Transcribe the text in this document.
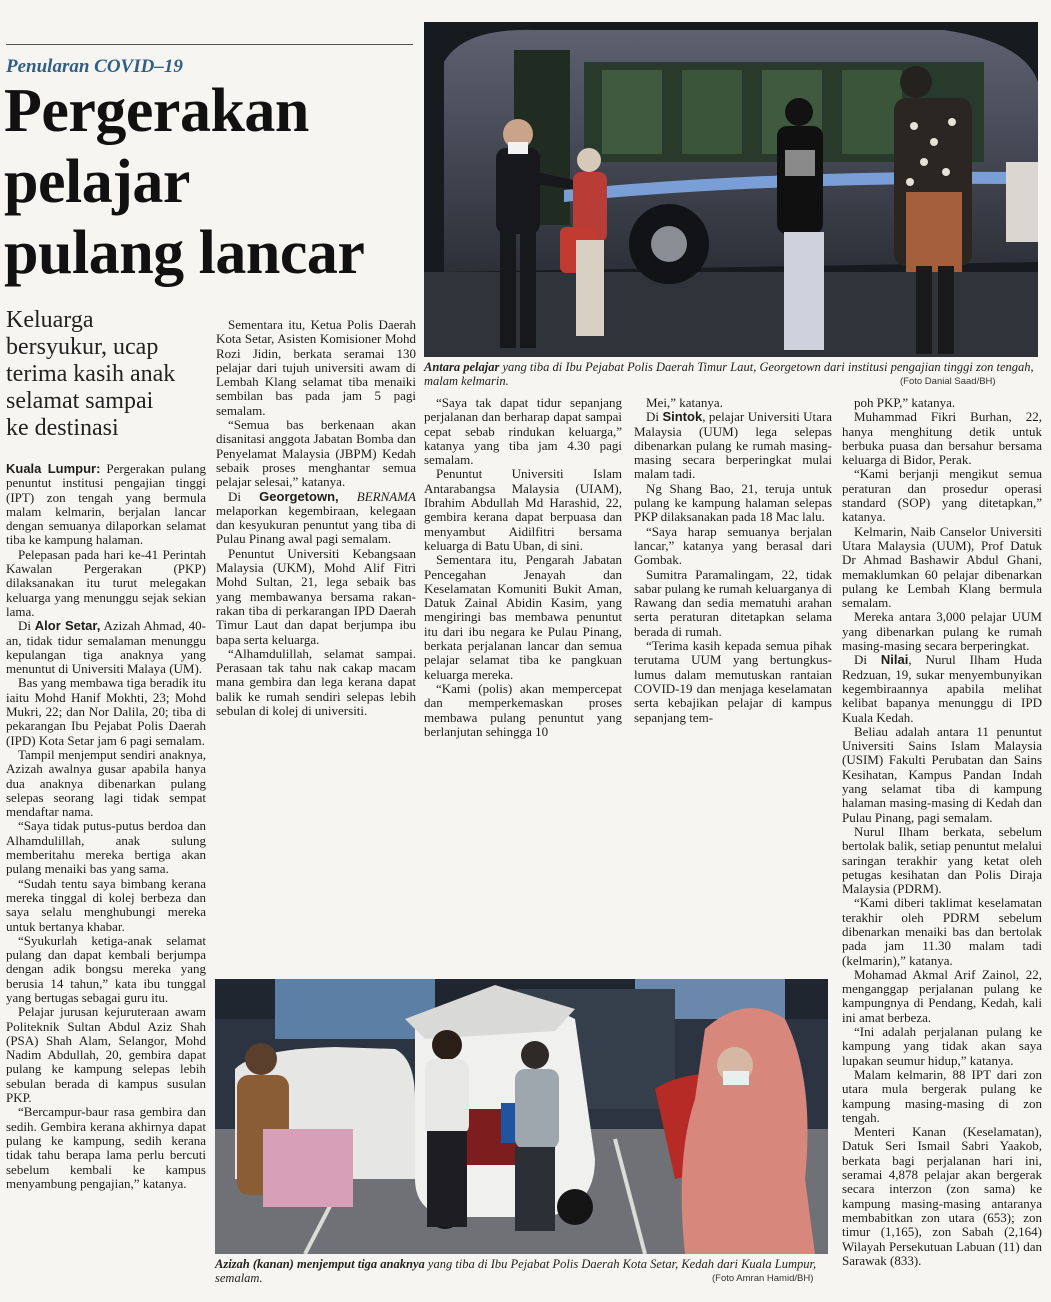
Penularan COVID–19
Pergerakan
pelajar
pulang lancar
Keluarga
bersyukur, ucap
terima kasih anak
selamat sampai
ke destinasi
Antara pelajar yang tiba di Ibu Pejabat Polis Daerah Timur Laut, Georgetown dari institusi pengajian tinggi zon tengah, malam kelmarin.	(Foto Danial Saad/BH)

Kuala Lumpur: Pergerakan pulang penuntut institusi pengajian tinggi (IPT) zon tengah yang bermula malam kelmarin, berjalan lancar dengan semuanya dilaporkan selamat tiba ke kampung halaman.

Pelepasan pada hari ke-41 Perintah Kawalan Pergerakan (PKP) dilaksanakan itu turut melegakan keluarga yang menunggu sejak sekian lama.

Di Alor Setar, Azizah Ahmad, 40-an, tidak tidur semalaman menunggu kepulangan tiga anaknya yang menuntut di Universiti Malaya (UM).

Bas yang membawa tiga beradik itu iaitu Mohd Hanif Mokhti, 23; Mohd Mukri, 22; dan Nor Dalila, 20; tiba di pekarangan Ibu Pejabat Polis Daerah (IPD) Kota Setar jam 6 pagi semalam.

Tampil menjemput sendiri anaknya, Azizah awalnya gusar apabila hanya dua anaknya dibenarkan pulang selepas seorang lagi tidak sempat mendaftar nama.

“Saya tidak putus-putus berdoa dan Alhamdulillah, anak sulung memberitahu mereka bertiga akan pulang menaiki bas yang sama.

“Sudah tentu saya bimbang kerana mereka tinggal di kolej berbeza dan saya selalu menghubungi mereka untuk bertanya khabar.

“Syukurlah ketiga-anak selamat pulang dan dapat kembali berjumpa dengan adik bongsu mereka yang berusia 14 tahun,” kata ibu tunggal yang bertugas sebagai guru itu.

Pelajar jurusan kejuruteraan awam Politeknik Sultan Abdul Aziz Shah (PSA) Shah Alam, Selangor, Mohd Nadim Abdullah, 20, gembira dapat pulang ke kampung selepas lebih sebulan berada di kampus susulan PKP.

“Bercampur-baur rasa gembira dan sedih. Gembira kerana akhirnya dapat pulang ke kampung, sedih kerana tidak tahu berapa lama perlu bercuti sebelum kembali ke kampus menyambung pengajian,” katanya.

Sementara itu, Ketua Polis Daerah Kota Setar, Asisten Komisioner Mohd Rozi Jidin, berkata seramai 130 pelajar dari tujuh universiti awam di Lembah Klang selamat tiba menaiki sembilan bas pada jam 5 pagi semalam.

“Semua bas berkenaan akan disanitasi anggota Jabatan Bomba dan Penyelamat Malaysia (JBPM) Kedah sebaik proses menghantar semua pelajar selesai,” katanya.

Di Georgetown, BERNAMA melaporkan kegembiraan, kelegaan dan kesyukuran penuntut yang tiba di Pulau Pinang awal pagi semalam.

Penuntut Universiti Kebangsaan Malaysia (UKM), Mohd Alif Fitri Mohd Sultan, 21, lega sebaik bas yang membawanya bersama rakan-rakan tiba di perkarangan IPD Daerah Timur Laut dan dapat berjumpa ibu bapa serta keluarga.

“Alhamdulillah, selamat sampai. Perasaan tak tahu nak cakap macam mana gembira dan lega kerana dapat balik ke rumah sendiri selepas lebih sebulan di kolej di universiti.

“Saya tak dapat tidur sepanjang perjalanan dan berharap dapat sampai cepat sebab rindukan keluarga,” katanya yang tiba jam 4.30 pagi semalam.

Penuntut Universiti Islam Antarabangsa Malaysia (UIAM), Ibrahim Abdullah Md Harashid, 22, gembira kerana dapat berpuasa dan menyambut Aidilfitri bersama keluarga di Batu Uban, di sini.

Sementara itu, Pengarah Jabatan Pencegahan Jenayah dan Keselamatan Komuniti Bukit Aman, Datuk Zainal Abidin Kasim, yang mengiringi bas membawa penuntut itu dari ibu negara ke Pulau Pinang, berkata perjalanan lancar dan semua pelajar selamat tiba ke pangkuan keluarga mereka.

“Kami (polis) akan mempercepat dan memperkemaskan proses membawa pulang penuntut yang berlanjutan sehingga 10

Mei,” katanya.

Di Sintok, pelajar Universiti Utara Malaysia (UUM) lega selepas dibenarkan pulang ke rumah masing-masing secara berperingkat mulai malam tadi.

Ng Shang Bao, 21, teruja untuk pulang ke kampung halaman selepas PKP dilaksanakan pada 18 Mac lalu.

“Saya harap semuanya berjalan lancar,” katanya yang berasal dari Gombak.

Sumitra Paramalingam, 22, tidak sabar pulang ke rumah keluarganya di Rawang dan sedia mematuhi arahan serta peraturan ditetapkan selama berada di rumah.

“Terima kasih kepada semua pihak terutama UUM yang bertungkus-lumus dalam memutuskan rantaian COVID-19 dan menjaga keselamatan serta kebajikan pelajar di kampus sepanjang tem-

poh PKP,” katanya.

Muhammad Fikri Burhan, 22, hanya menghitung detik untuk berbuka puasa dan bersahur bersama keluarga di Bidor, Perak.

“Kami berjanji mengikut semua peraturan dan prosedur operasi standard (SOP) yang ditetapkan,” katanya.

Kelmarin, Naib Canselor Universiti Utara Malaysia (UUM), Prof Datuk Dr Ahmad Bashawir Abdul Ghani, memaklumkan 60 pelajar dibenarkan pulang ke Lembah Klang bermula semalam.

Mereka antara 3,000 pelajar UUM yang dibenarkan pulang ke rumah masing-masing secara berperingkat.

Di Nilai, Nurul Ilham Huda Redzuan, 19, sukar menyembunyikan kegembiraannya apabila melihat kelibat bapanya menunggu di IPD Kuala Kedah.

Beliau adalah antara 11 penuntut Universiti Sains Islam Malaysia (USIM) Fakulti Perubatan dan Sains Kesihatan, Kampus Pandan Indah yang selamat tiba di kampung halaman masing-masing di Kedah dan Pulau Pinang, pagi semalam.

Nurul Ilham berkata, sebelum bertolak balik, setiap penuntut melalui saringan terakhir yang ketat oleh petugas kesihatan dan Polis Diraja Malaysia (PDRM).

“Kami diberi taklimat keselamatan terakhir oleh PDRM sebelum dibenarkan menaiki bas dan bertolak pada jam 11.30 malam tadi (kelmarin),” katanya.

Mohamad Akmal Arif Zainol, 22, menganggap perjalanan pulang ke kampungnya di Pendang, Kedah, kali ini amat berbeza.

“Ini adalah perjalanan pulang ke kampung yang tidak akan saya lupakan seumur hidup,” katanya.

Malam kelmarin, 88 IPT dari zon utara mula bergerak pulang ke kampung masing-masing di zon tengah.

Menteri Kanan (Keselamatan), Datuk Seri Ismail Sabri Yaakob, berkata bagi perjalanan hari ini, seramai 4,878 pelajar akan bergerak secara interzon (zon sama) ke kampung masing-masing antaranya membabitkan zon utara (653); zon timur (1,165), zon Sabah (2,164) Wilayah Persekutuan Labuan (11) dan Sarawak (833).

Azizah (kanan) menjemput tiga anaknya yang tiba di Ibu Pejabat Polis Daerah Kota Setar, Kedah dari Kuala Lumpur, semalam.	(Foto Amran Hamid/BH)
